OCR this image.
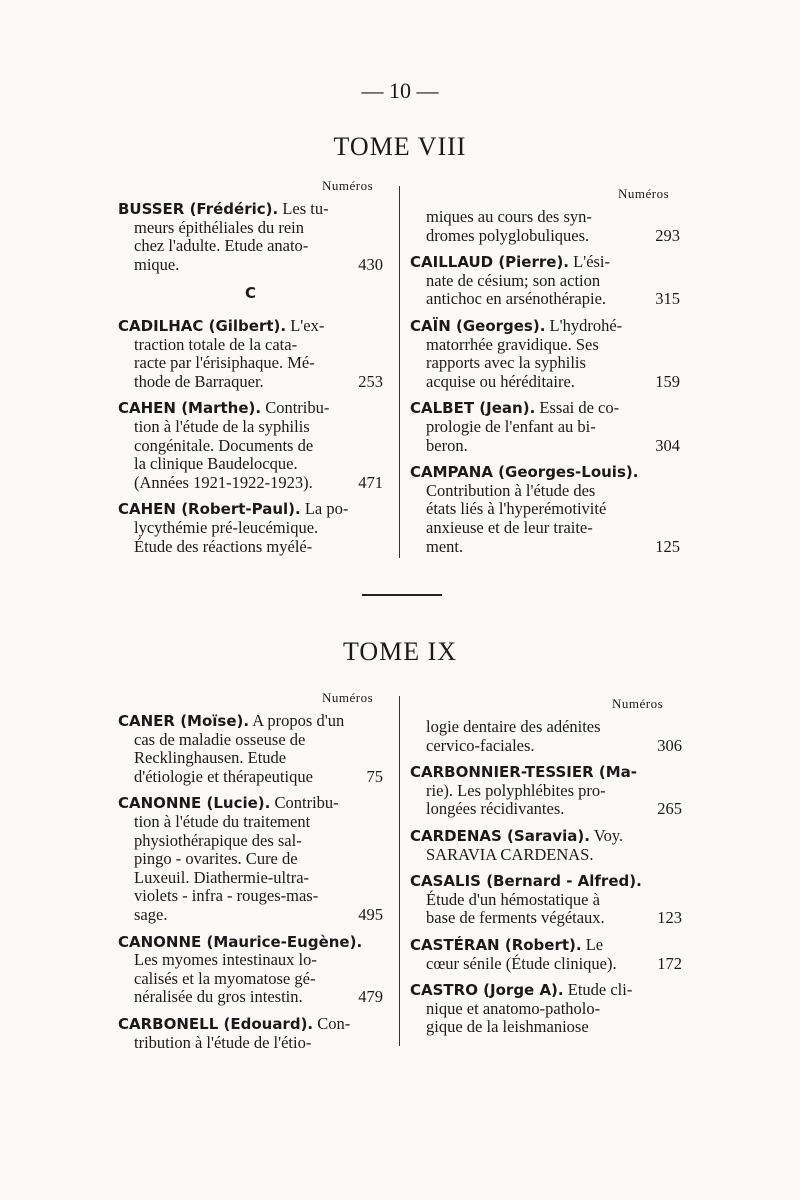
— 10 —
TOME VIII
Numéros
Numéros
BUSSER (Frédéric). Les tu-
meurs épithéliales du rein
chez l'adulte. Etude anato-
mique.	430
C
CADILHAC (Gilbert). L'ex-
traction totale de la cata-
racte par l'érisiphaque. Mé-
thode de Barraquer.	253
CAHEN (Marthe). Contribu-
tion à l'étude de la syphilis
congénitale. Documents de
la clinique Baudelocque.
(Années 1921-1922-1923).	471
CAHEN (Robert-Paul). La po-
lycythémie pré-leucémique.
Étude des réactions myélé-
miques au cours des syn-
dromes polyglobuliques.	293
CAILLAUD (Pierre). L'ési-
nate de césium; son action
antichoc en arsénothérapie.	315
CAÏN (Georges). L'hydrohé-
matorrhée gravidique. Ses
rapports avec la syphilis
acquise ou héréditaire.	159
CALBET (Jean). Essai de co-
prologie de l'enfant au bi-
beron.	304
CAMPANA (Georges-Louis).
Contribution à l'étude des
états liés à l'hyperémotivité
anxieuse et de leur traite-
ment.	125
TOME IX
Numéros	Numéros
CANER (Moïse). A propos d'un
cas de maladie osseuse de
Recklinghausen. Etude
d'étiologie et thérapeutique	75
CANONNE (Lucie). Contribu-
tion à l'étude du traitement
physiothérapique des sal-
pingo - ovarites. Cure de
Luxeuil. Diathermie-ultra-
violets - infra - rouges-mas-
sage.	495
CANONNE (Maurice-Eugène).
Les myomes intestinaux lo-
calisés et la myomatose gé-
néralisée du gros intestin.	479
CARBONELL (Edouard). Con-
tribution à l'étude de l'étio-
logie dentaire des adénites
cervico-faciales.	306
CARBONNIER-TESSIER (Ma-
rie). Les polyphlébites pro-
longées récidivantes.	265
CARDENAS (Saravia). Voy.
SARAVIA CARDENAS.
CASALIS (Bernard - Alfred).
Étude d'un hémostatique à
base de ferments végétaux.	123
CASTÉRAN (Robert). Le
cœur sénile (Étude clinique).	172
CASTRO (Jorge A). Etude cli-
nique et anatomo-patholo-
gique de la leishmaniose
